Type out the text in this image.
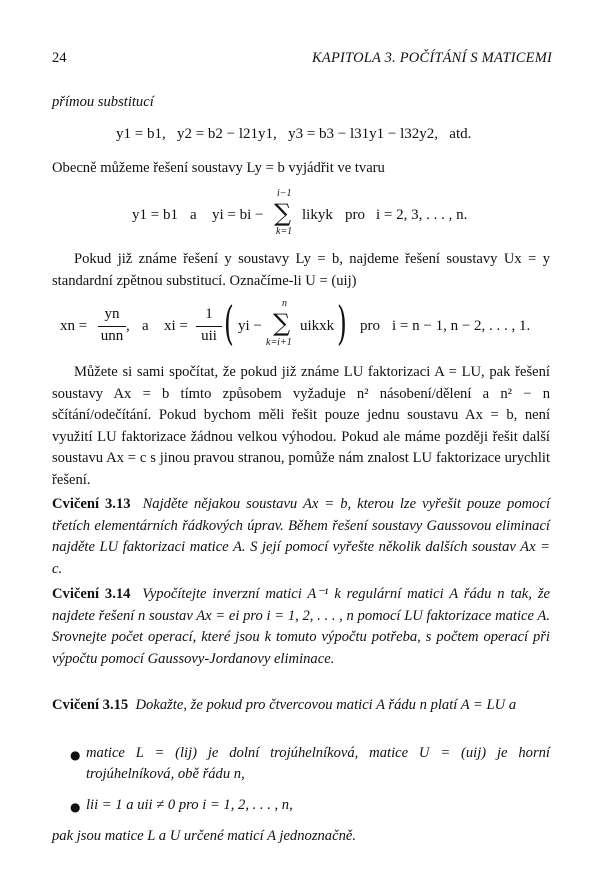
24	KAPITOLA 3. POČÍTÁNÍ S MATICEMI
přímou substitucí
y1 = b1, y2 = b2 − l21y1, y3 = b3 − l31y1 − l32y2, atd.
Obecně můžeme řešení soustavy Ly = b vyjádřit ve tvaru
y1 = b1 a yi = bi −
i−1
∑
k=1
likyk pro i = 2, 3, . . . , n.
Pokud již známe řešení y soustavy Ly = b, najdeme řešení soustavy Ux = y standardní zpětnou substitucí. Označíme-li U = (uij)
xn =
yn
unn
, a xi =
1
uii ( yi −
n
∑
k=i+1
uikxk ) pro i = n − 1, n − 2, . . . , 1.
Můžete si sami spočítat, že pokud již známe LU faktorizaci A = LU, pak řešení soustavy Ax = b tímto způsobem vyžaduje n² násobení/dělení a n² − n sčítání/odečítání. Pokud bychom měli řešit pouze jednu soustavu Ax = b, není využití LU faktorizace žádnou velkou výhodou. Pokud ale máme později řešit další soustavu Ax = c s jinou pravou stranou, pomůže nám znalost LU faktorizace urychlit řešení.
Cvičení 3.13 Najděte nějakou soustavu Ax = b, kterou lze vyřešit pouze pomocí třetích elementárních řádkových úprav. Během řešení soustavy Gaussovou eliminací najděte LU faktorizaci matice A. S její pomocí vyřešte několik dalších soustav Ax = c.
Cvičení 3.14 Vypočítejte inverzní matici A⁻¹ k regulární matici A řádu n tak, že najdete řešení n soustav Ax = ei pro i = 1, 2, . . . , n pomocí LU faktorizace matice A. Srovnejte počet operací, které jsou k tomuto výpočtu potřeba, s počtem operací při výpočtu pomocí Gaussovy-Jordanovy eliminace.
Cvičení 3.15 Dokažte, že pokud pro čtvercovou matici A řádu n platí A = LU a
● matice L = (lij) je dolní trojúhelníková, matice U = (uij) je horní trojúhelníková, obě řádu n,
● lii = 1 a uii ≠ 0 pro i = 1, 2, . . . , n,
pak jsou matice L a U určené maticí A jednoznačně.
